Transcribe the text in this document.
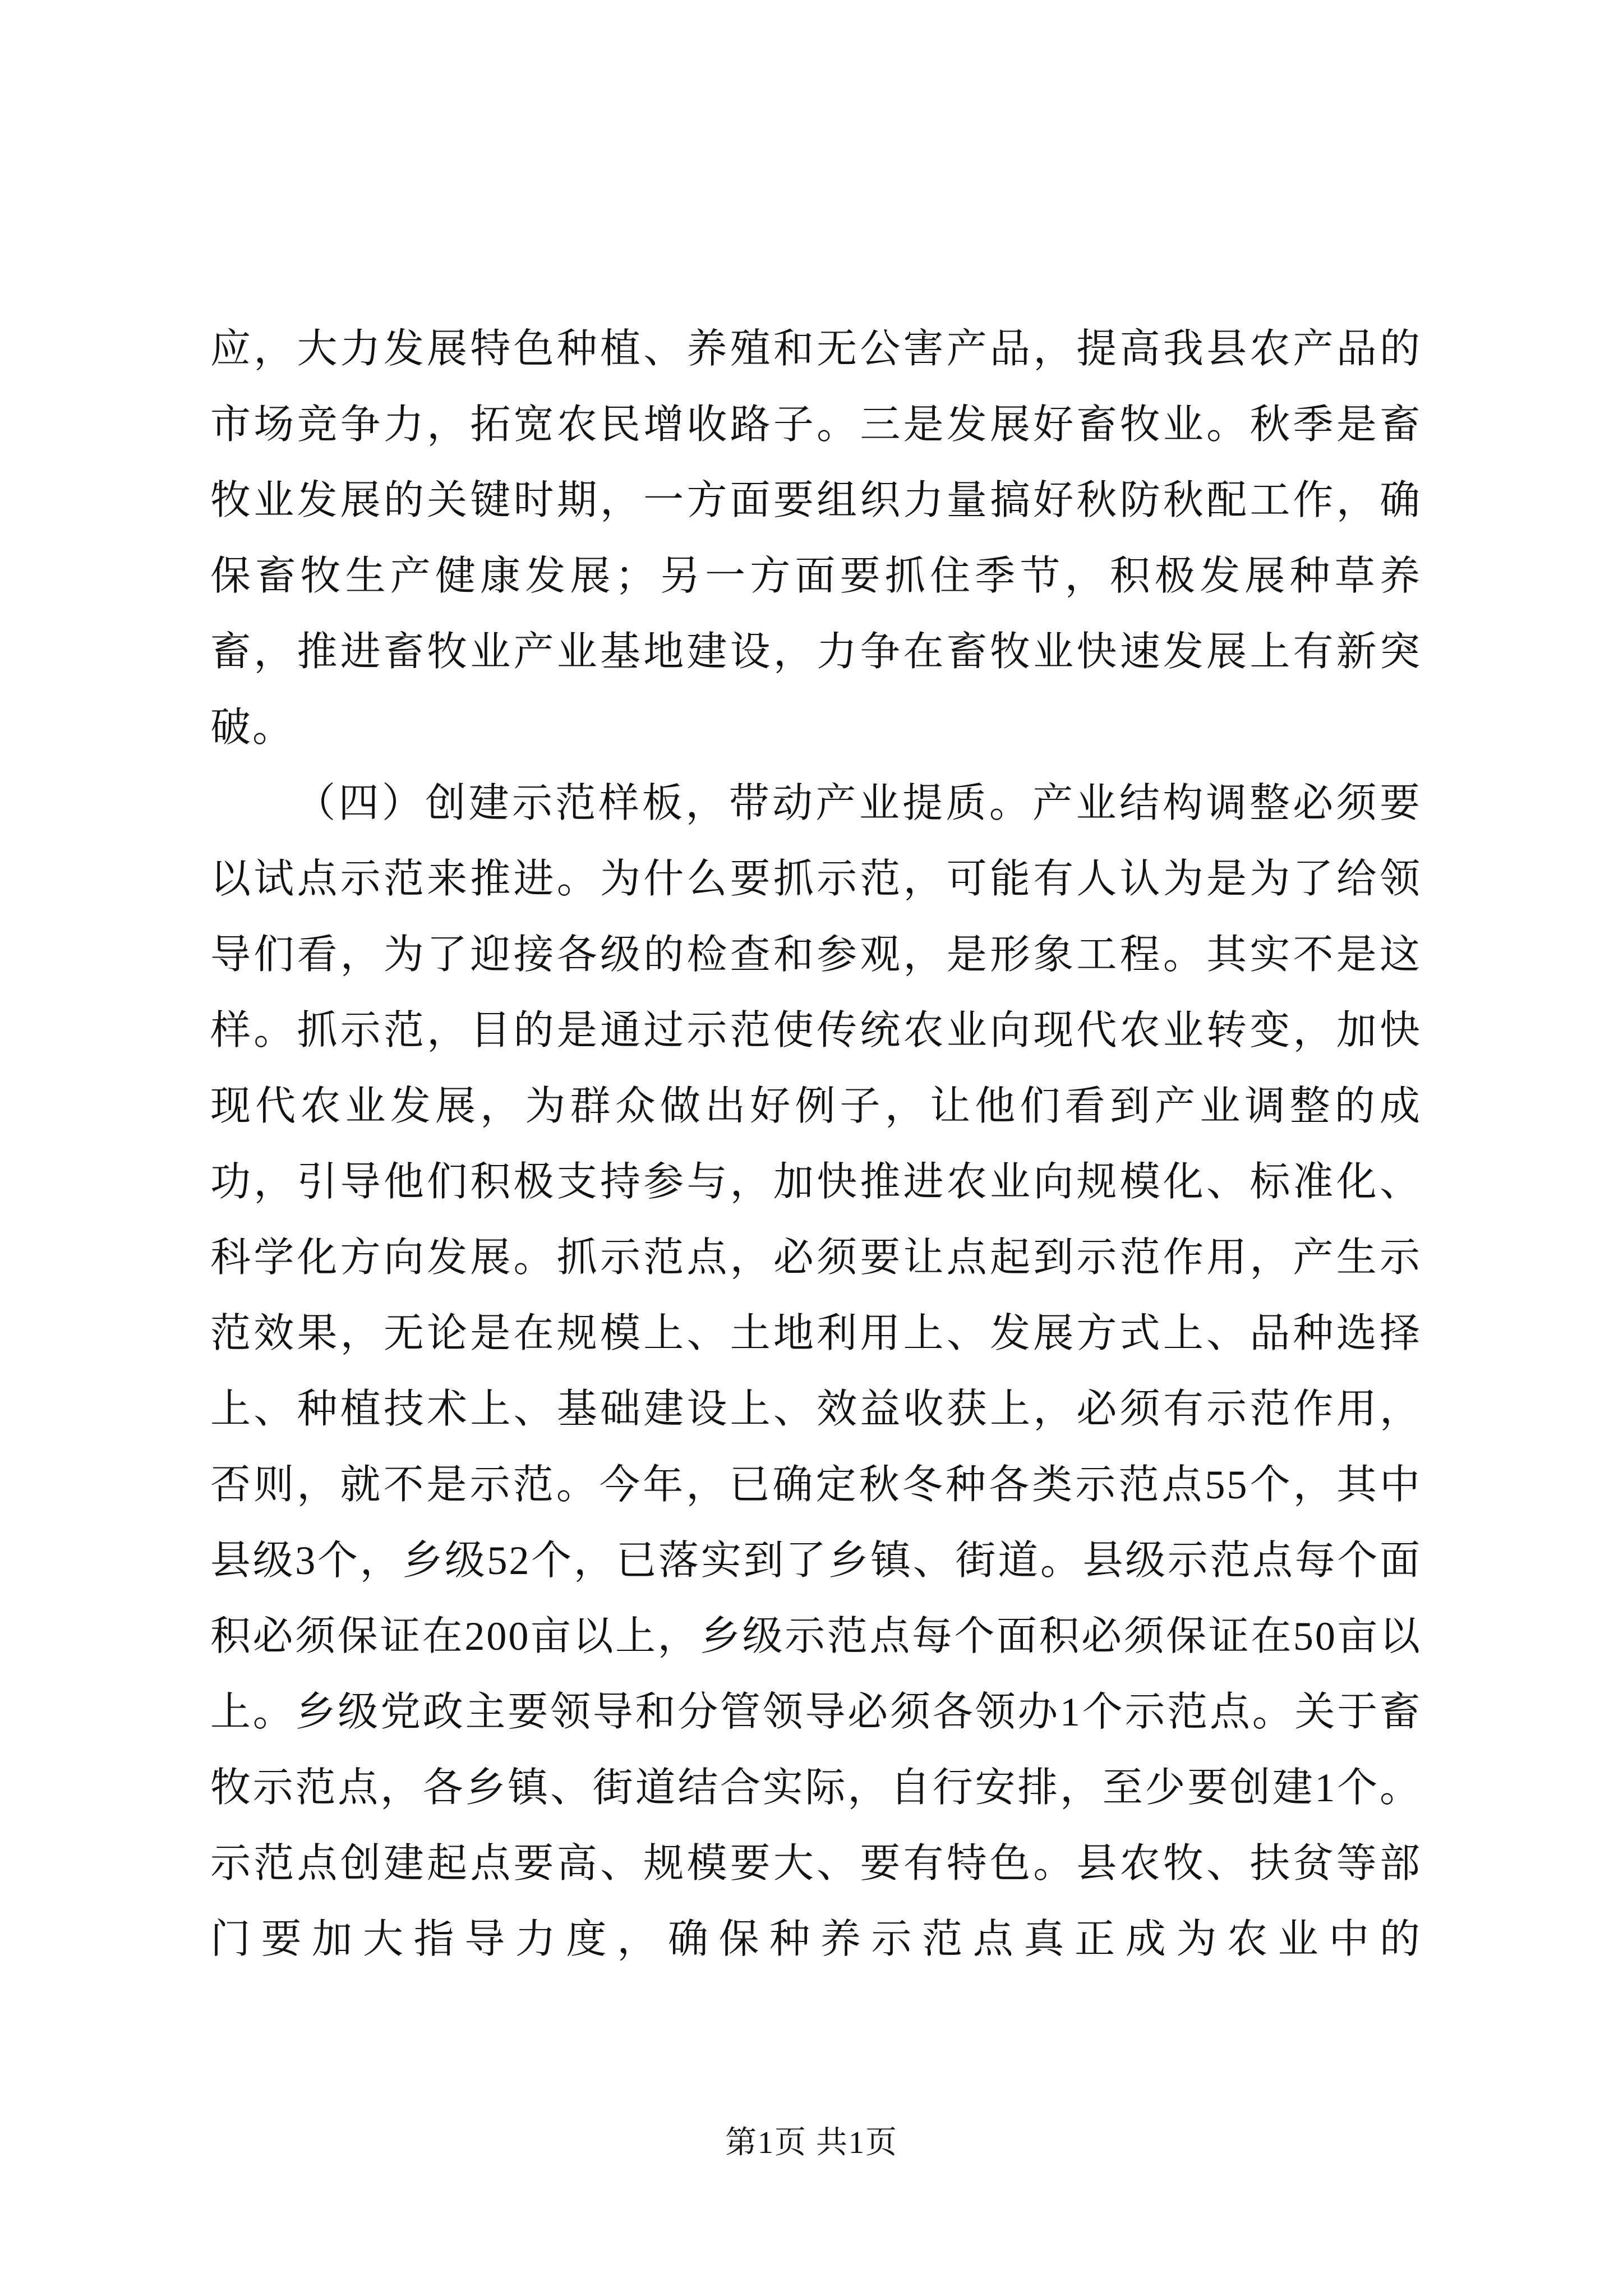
应，大力发展特色种植、养殖和无公害产品，提高我县农产品的市场竞争力，拓宽农民增收路子。三是发展好畜牧业。秋季是畜牧业发展的关键时期，一方面要组织力量搞好秋防秋配工作，确保畜牧生产健康发展；另一方面要抓住季节，积极发展种草养畜，推进畜牧业产业基地建设，力争在畜牧业快速发展上有新突破。

（四）创建示范样板，带动产业提质。产业结构调整必须要以试点示范来推进。为什么要抓示范，可能有人认为是为了给领导们看，为了迎接各级的检查和参观，是形象工程。其实不是这样。抓示范，目的是通过示范使传统农业向现代农业转变，加快现代农业发展，为群众做出好例子，让他们看到产业调整的成功，引导他们积极支持参与，加快推进农业向规模化、标准化、科学化方向发展。抓示范点，必须要让点起到示范作用，产生示范效果，无论是在规模上、土地利用上、发展方式上、品种选择上、种植技术上、基础建设上、效益收获上，必须有示范作用，否则，就不是示范。今年，已确定秋冬种各类示范点55个，其中县级3个，乡级52个，已落实到了乡镇、街道。县级示范点每个面积必须保证在200亩以上，乡级示范点每个面积必须保证在50亩以上。乡级党政主要领导和分管领导必须各领办1个示范点。关于畜牧示范点，各乡镇、街道结合实际，自行安排，至少要创建1个。示范点创建起点要高、规模要大、要有特色。县农牧、扶贫等部门要加大指导力度，确保种养示范点真正成为农业中的

第1页 共1页
